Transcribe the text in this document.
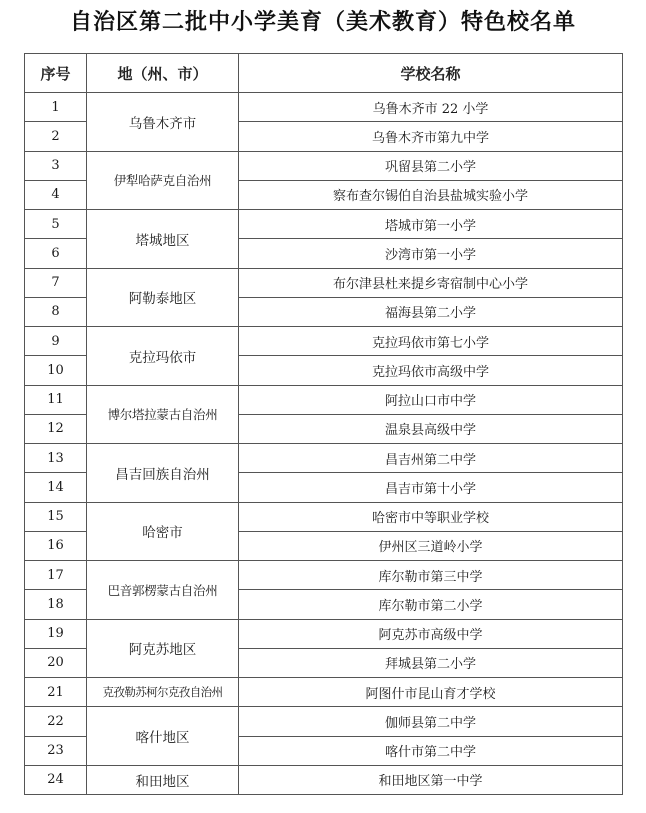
自治区第二批中小学美育（美术教育）特色校名单
序号	地（州、市）	学校名称
1	乌鲁木齐市	乌鲁木齐市 22 小学
2		乌鲁木齐市第九中学
3	伊犁哈萨克自治州	巩留县第二小学
4		察布查尔锡伯自治县盐城实验小学
5	塔城地区	塔城市第一小学
6		沙湾市第一小学
7	阿勒泰地区	布尔津县杜来提乡寄宿制中心小学
8		福海县第二小学
9	克拉玛依市	克拉玛依市第七小学
10		克拉玛依市高级中学
11	博尔塔拉蒙古自治州	阿拉山口市中学
12		温泉县高级中学
13	昌吉回族自治州	昌吉州第二中学
14		昌吉市第十小学
15	哈密市	哈密市中等职业学校
16		伊州区三道岭小学
17	巴音郭楞蒙古自治州	库尔勒市第三中学
18		库尔勒市第二小学
19	阿克苏地区	阿克苏市高级中学
20		拜城县第二小学
21	克孜勒苏柯尔克孜自治州	阿图什市昆山育才学校
22	喀什地区	伽师县第二中学
23		喀什市第二中学
24	和田地区	和田地区第一中学
